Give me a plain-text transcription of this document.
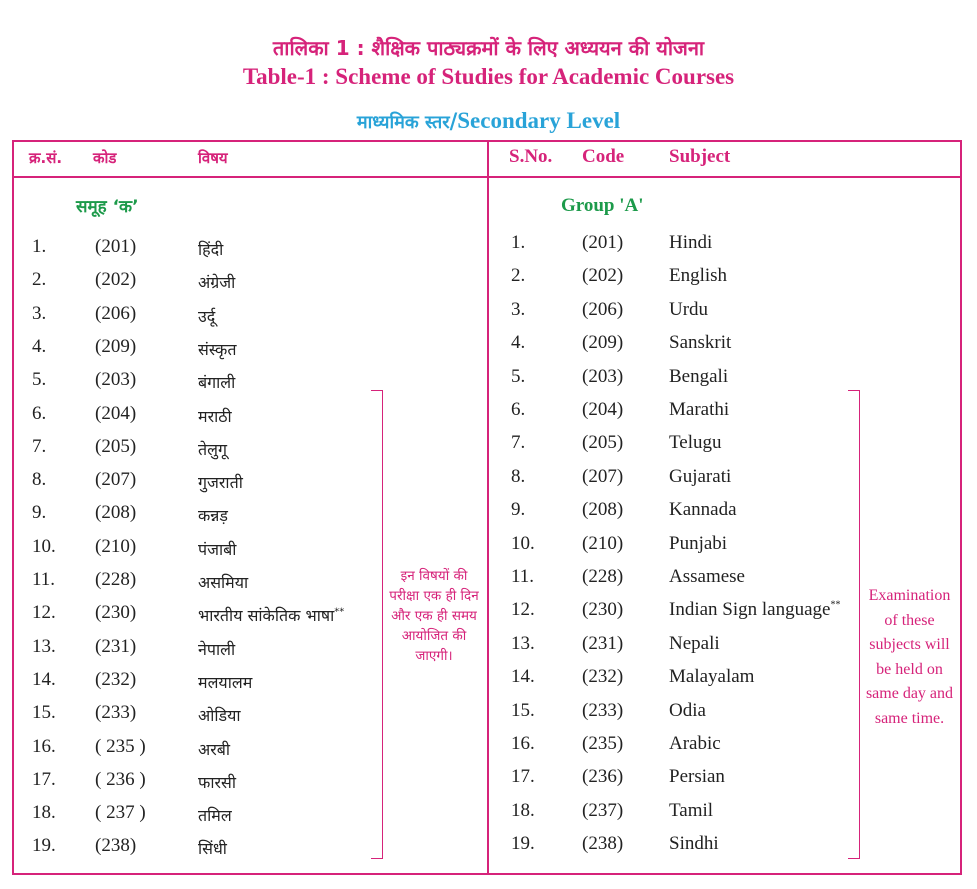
तालिका 1 : शैक्षिक पाठ्यक्रमों के लिए अध्ययन की योजना
Table-1 : Scheme of Studies for Academic Courses
माध्यमिक स्तर/Secondary Level
क्र.सं. कोड	विषय	S.No. Code Subject
समूह ‘क’	Group 'A'
1.	(201)	हिंदी
2.	(202)	अंग्रेजी
3.	(206)	उर्दू
4.	(209)	संस्कृत
5.	(203)	बंगाली
6.	(204)	मराठी
7.	(205)	तेलुगू
8.	(207)	गुजराती
9.	(208)	कन्नड़
10. (210)	पंजाबी
11. (228)	असमिया
12. (230)	भारतीय सांकेतिक भाषा**
13. (231)	नेपाली
14. (232)	मलयालम
15. (233)	ओडिया
16. ( 235 )	अरबी
17. ( 236 )	फारसी
18. ( 237 )	तमिल
19. (238)	सिंधी
1.	(201) Hindi
2.	(202) English
3.	(206) Urdu
4.	(209) Sanskrit
5.	(203) Bengali
6.	(204) Marathi
7.	(205) Telugu
8.	(207) Gujarati
9.	(208) Kannada
10. (210) Punjabi
11.	(228) Assamese
12. (230) Indian Sign language**
13. (231) Nepali
14. (232) Malayalam
15. (233) Odia
16. (235) Arabic
17. (236) Persian
18. (237) Tamil
19. (238) Sindhi
इन विषयों की परीक्षा एक ही दिन और एक ही समय आयोजित की जाएगी।
Examination of these subjects will be held on same day and same time.
